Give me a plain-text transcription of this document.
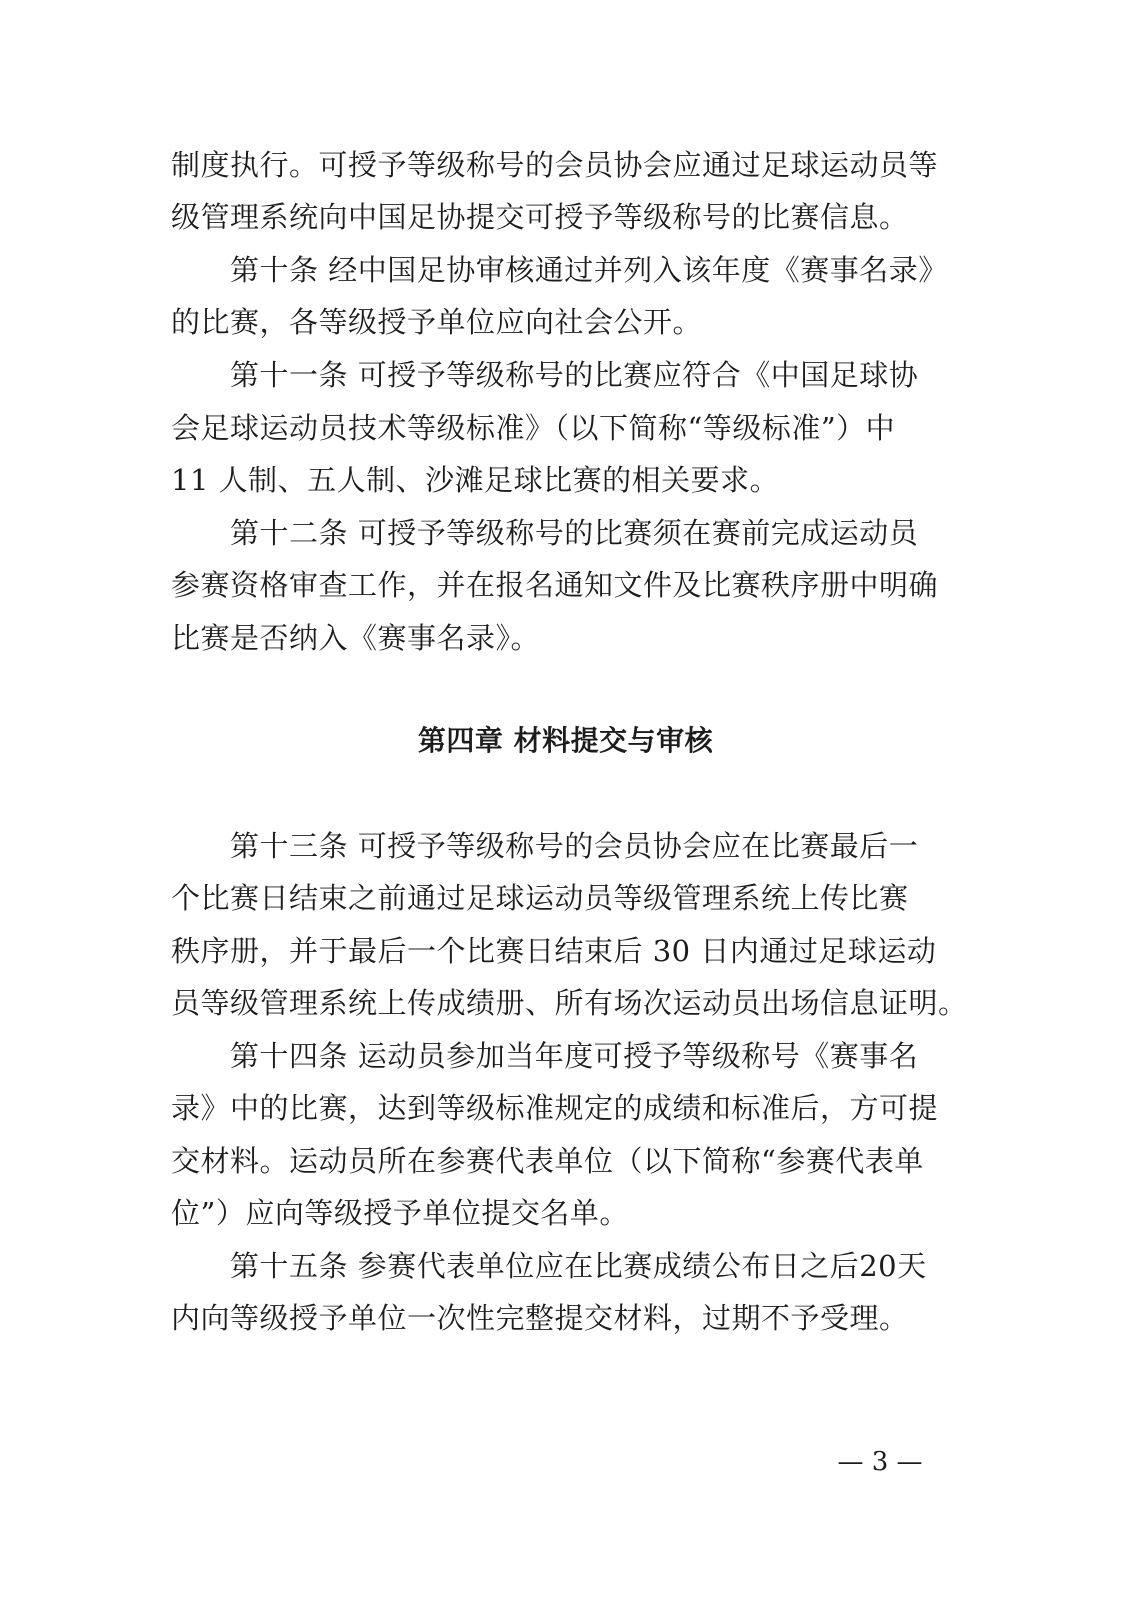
制度执行。可授予等级称号的会员协会应通过足球运动员等
级管理系统向中国足协提交可授予等级称号的比赛信息。
第十条 经中国足协审核通过并列入该年度《赛事名录》
的比赛，各等级授予单位应向社会公开。
第十一条 可授予等级称号的比赛应符合《中国足球协
会足球运动员技术等级标准》（以下简称“等级标准”）中
11 人制、五人制、沙滩足球比赛的相关要求。
第十二条 可授予等级称号的比赛须在赛前完成运动员
参赛资格审查工作，并在报名通知文件及比赛秩序册中明确
比赛是否纳入《赛事名录》。
第四章 材料提交与审核
第十三条 可授予等级称号的会员协会应在比赛最后一
个比赛日结束之前通过足球运动员等级管理系统上传比赛
秩序册，并于最后一个比赛日结束后 30 日内通过足球运动
员等级管理系统上传成绩册、所有场次运动员出场信息证明。
第十四条 运动员参加当年度可授予等级称号《赛事名
录》中的比赛，达到等级标准规定的成绩和标准后，方可提
交材料。运动员所在参赛代表单位（以下简称“参赛代表单
位”）应向等级授予单位提交名单。
第十五条 参赛代表单位应在比赛成绩公布日之后20天
内向等级授予单位一次性完整提交材料，过期不予受理。
— 3 —
